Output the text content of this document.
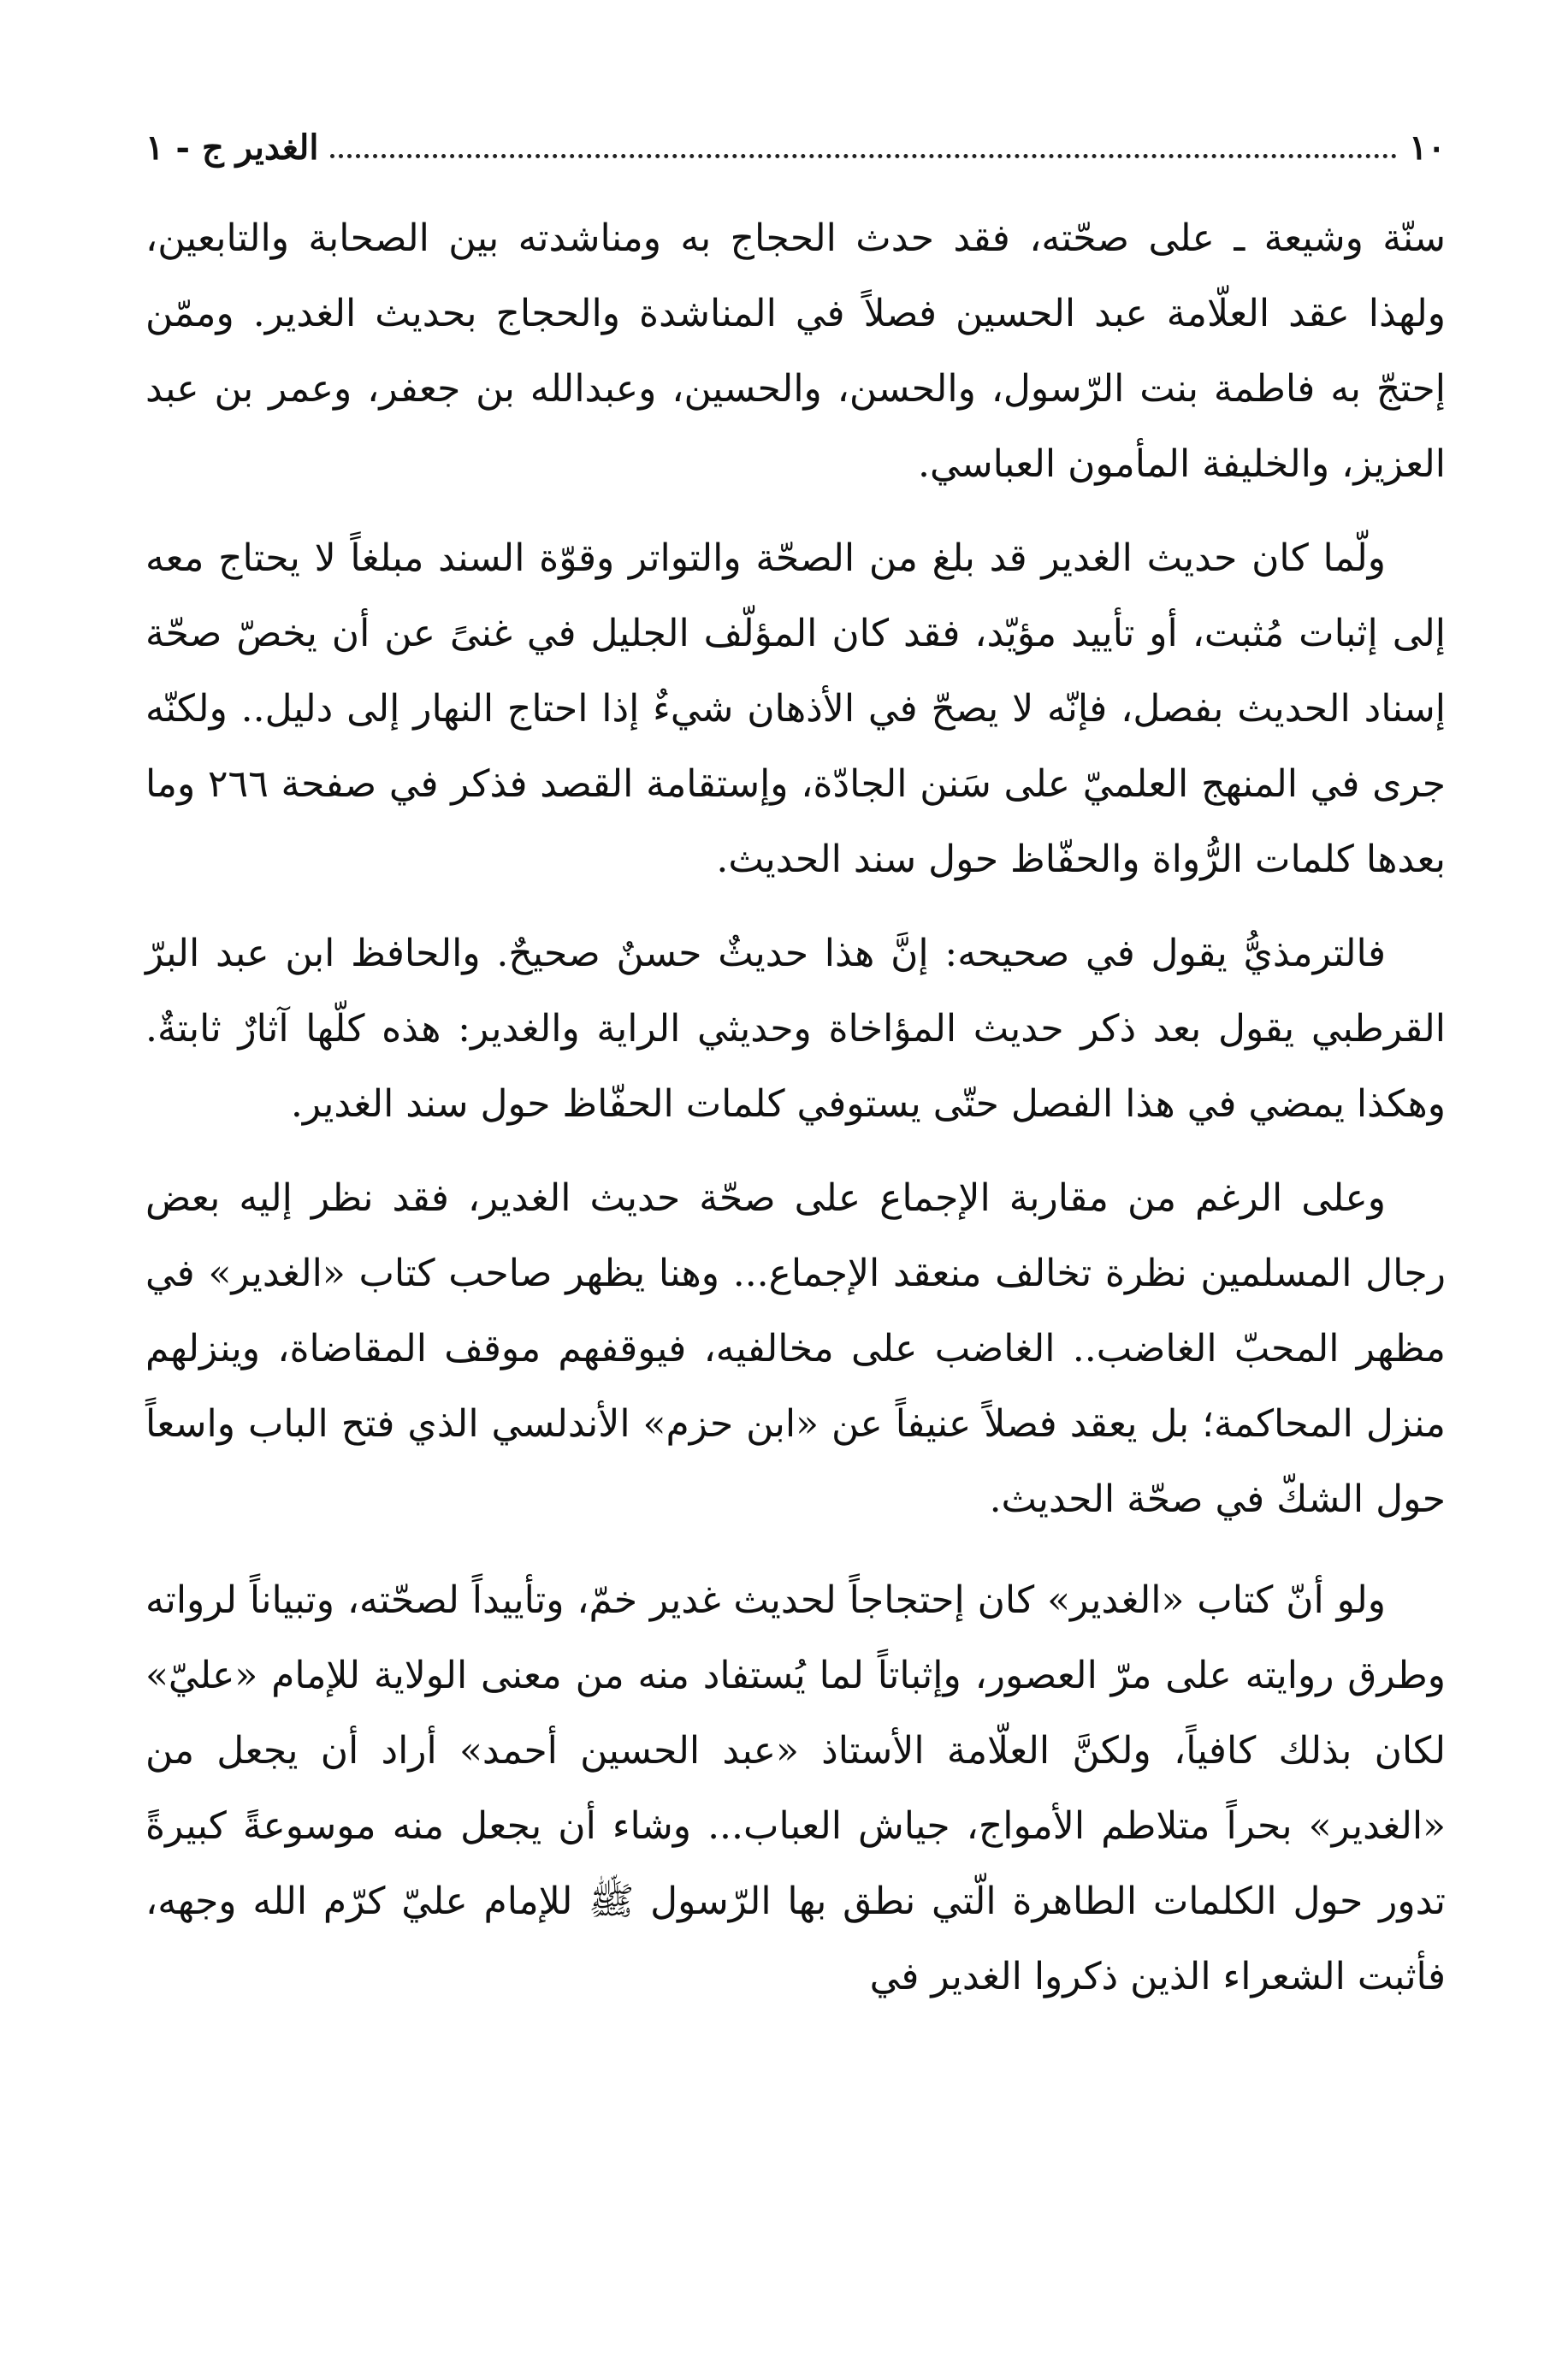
١٠
الغدير ج - ١

سنّة وشيعة ـ على صحّته، فقد حدث الحجاج به ومناشدته بين الصحابة والتابعين، ولهذا عقد العلّامة عبد الحسين فصلاً في المناشدة والحجاج بحديث الغدير. وممّن إحتجّ به فاطمة بنت الرّسول، والحسن، والحسين، وعبدالله بن جعفر، وعمر بن عبد العزيز، والخليفة المأمون العباسي.

ولّما كان حديث الغدير قد بلغ من الصحّة والتواتر وقوّة السند مبلغاً لا يحتاج معه إلى إثبات مُثبت، أو تأييد مؤيّد، فقد كان المؤلّف الجليل في غنىً عن أن يخصّ صحّة إسناد الحديث بفصل، فإنّه لا يصحّ في الأذهان شيءٌ إذا احتاج النهار إلى دليل.. ولكنّه جرى في المنهج العلميّ على سَنن الجادّة، وإستقامة القصد فذكر في صفحة ٢٦٦ وما بعدها كلمات الرُّواة والحفّاظ حول سند الحديث.

فالترمذيُّ يقول في صحيحه: إنَّ هذا حديثٌ حسنٌ صحيحٌ. والحافظ ابن عبد البرّ القرطبي يقول بعد ذكر حديث المؤاخاة وحديثي الراية والغدير: هذه كلّها آثارٌ ثابتةٌ. وهكذا يمضي في هذا الفصل حتّى يستوفي كلمات الحفّاظ حول سند الغدير.

وعلى الرغم من مقاربة الإجماع على صحّة حديث الغدير، فقد نظر إليه بعض رجال المسلمين نظرة تخالف منعقد الإجماع... وهنا يظهر صاحب كتاب «الغدير» في مظهر المحبّ الغاضب.. الغاضب على مخالفيه، فيوقفهم موقف المقاضاة، وينزلهم منزل المحاكمة؛ بل يعقد فصلاً عنيفاً عن «ابن حزم» الأندلسي الذي فتح الباب واسعاً حول الشكّ في صحّة الحديث.

ولو أنّ كتاب «الغدير» كان إحتجاجاً لحديث غدير خمّ، وتأييداً لصحّته، وتبياناً لرواته وطرق روايته على مرّ العصور، وإثباتاً لما يُستفاد منه من معنى الولاية للإمام «عليّ» لكان بذلك كافياً، ولكنَّ العلّامة الأستاذ «عبد الحسين أحمد» أراد أن يجعل من «الغدير» بحراً متلاطم الأمواج، جياش العباب... وشاء أن يجعل منه موسوعةً كبيرةً تدور حول الكلمات الطاهرة الّتي نطق بها الرّسول ﷺ للإمام عليّ كرّم الله وجهه، فأثبت الشعراء الذين ذكروا الغدير في
